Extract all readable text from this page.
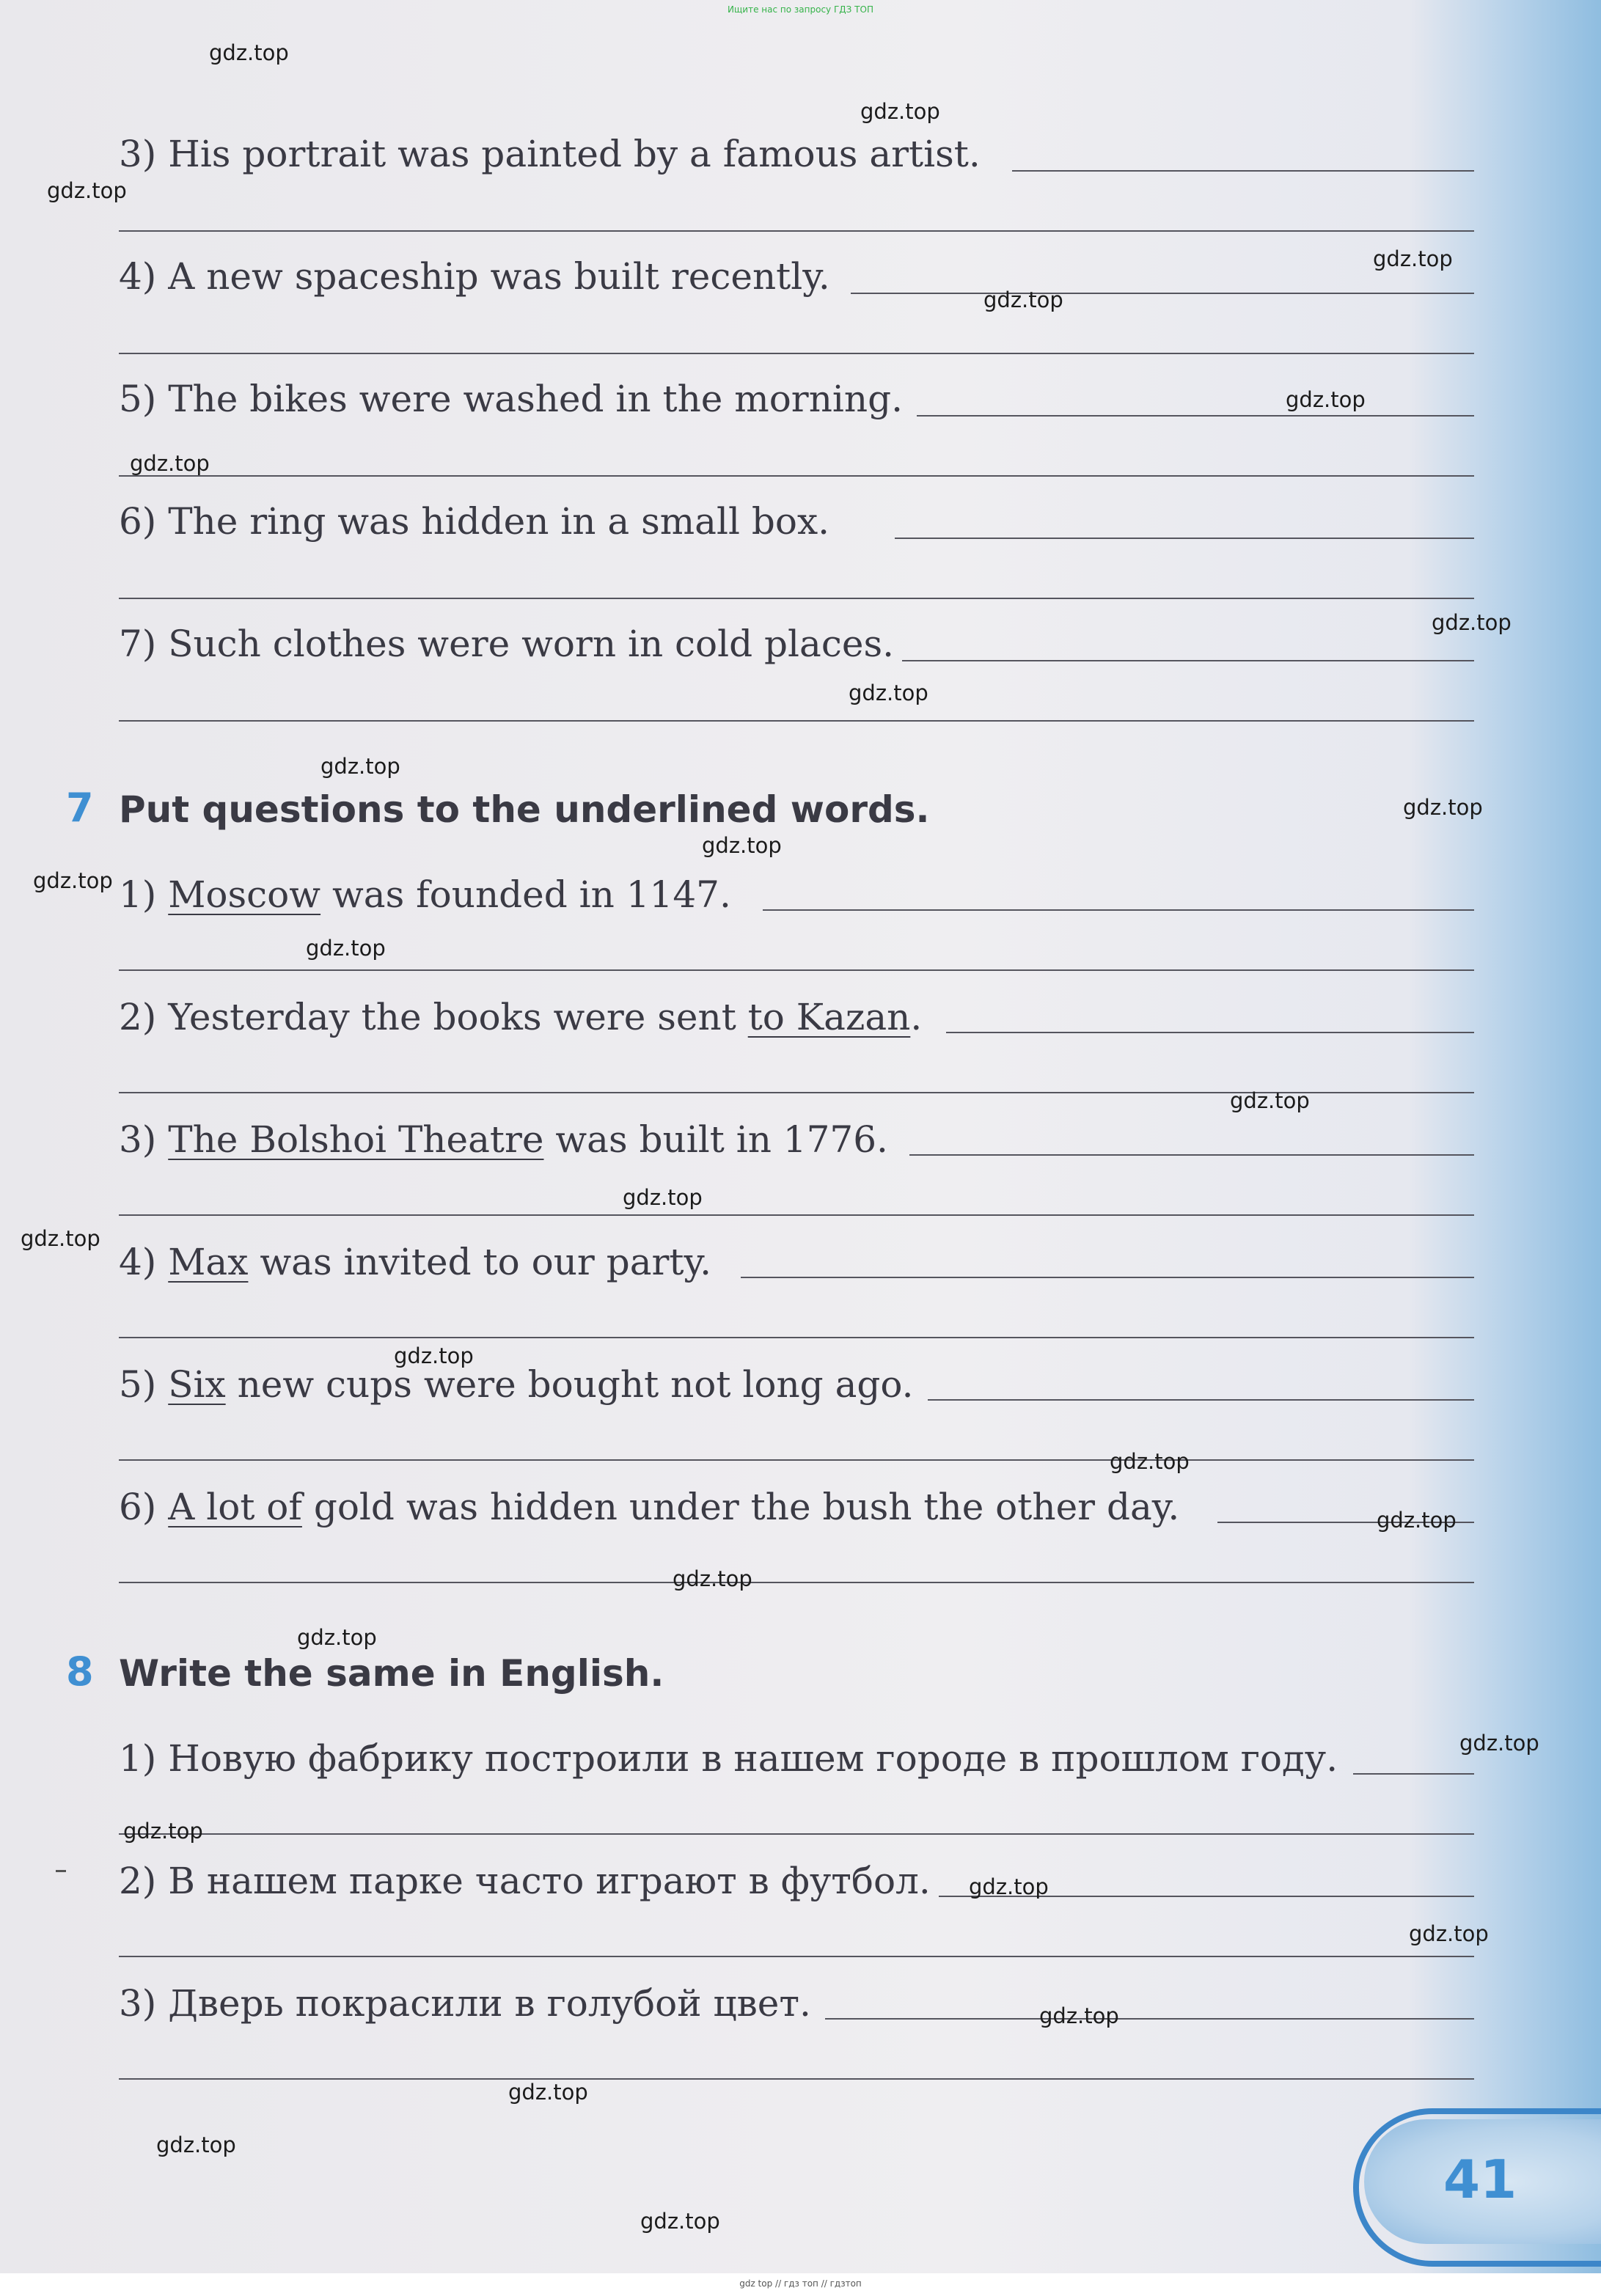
Ищите нас по запросу ГДЗ ТОП
3) His portrait was painted by a famous artist.
4) A new spaceship was built recently.
5) The bikes were washed in the morning.
6) The ring was hidden in a small box.
7) Such clothes were worn in cold places.
7 Put questions to the underlined words.
1) Moscow was founded in 1147.
2) Yesterday the books were sent to Kazan.
3) The Bolshoi Theatre was built in 1776.
4) Max was invited to our party.
5) Six new cups were bought not long ago.
6) A lot of gold was hidden under the bush the other day.
8 Write the same in English.
1) Новую фабрику построили в нашем городе в прошлом году.
2) В нашем парке часто играют в футбол.
3) Дверь покрасили в голубой цвет.
41
gdz.top
gdz.top
gdz.top
gdz.top
gdz.top
gdz.top
gdz.top
gdz.top
gdz.top
gdz.top
gdz.top
gdz.top
gdz.top
gdz.top
gdz.top
gdz.top
gdz.top
gdz.top
gdz.top
gdz.top
gdz.top
gdz.top
gdz.top
gdz.top
gdz.top
gdz.top
gdz.top
gdz.top
gdz.top
gdz.top
gdz top // гдз топ // гдзтоп
